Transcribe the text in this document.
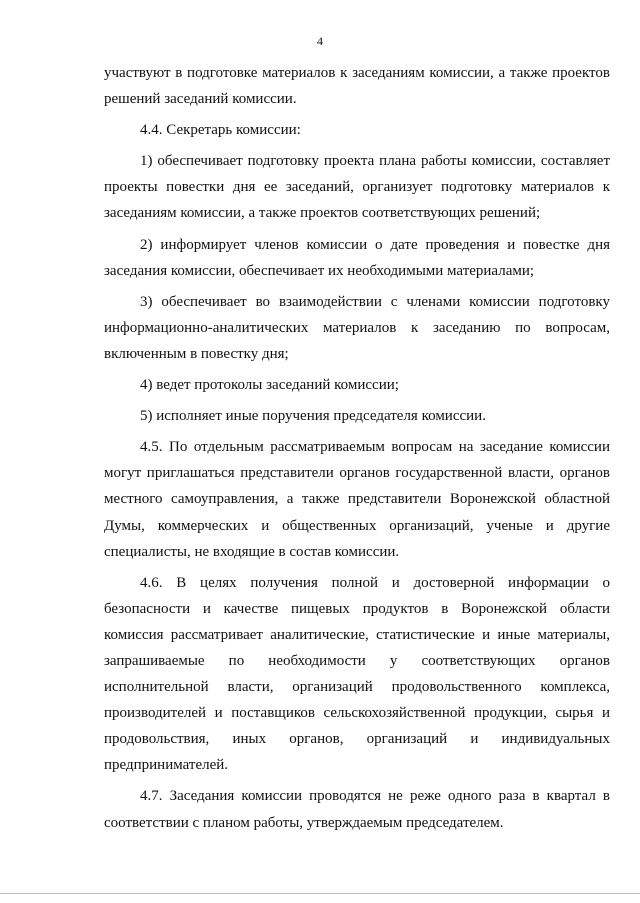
4

участвуют в подготовке материалов к заседаниям комиссии, а также проектов решений заседаний комиссии.

4.4. Секретарь комиссии:

1) обеспечивает подготовку проекта плана работы комиссии, составляет проекты повестки дня ее заседаний, организует подготовку материалов к заседаниям комиссии, а также проектов соответствующих решений;

2) информирует членов комиссии о дате проведения и повестке дня заседания комиссии, обеспечивает их необходимыми материалами;

3) обеспечивает во взаимодействии с членами комиссии подготовку информационно-аналитических материалов к заседанию по вопросам, включенным в повестку дня;

4) ведет протоколы заседаний комиссии;

5) исполняет иные поручения председателя комиссии.

4.5. По отдельным рассматриваемым вопросам на заседание комиссии могут приглашаться представители органов государственной власти, органов местного самоуправления, а также представители Воронежской областной Думы, коммерческих и общественных организаций, ученые и другие специалисты, не входящие в состав комиссии.

4.6. В целях получения полной и достоверной информации о безопасности и качестве пищевых продуктов в Воронежской области комиссия рассматривает аналитические, статистические и иные материалы, запрашиваемые по необходимости у соответствующих органов исполнительной власти, организаций продовольственного комплекса, производителей и поставщиков сельскохозяйственной продукции, сырья и продовольствия, иных органов, организаций и индивидуальных предпринимателей.

4.7. Заседания комиссии проводятся не реже одного раза в квартал в соответствии с планом работы, утверждаемым председателем.
